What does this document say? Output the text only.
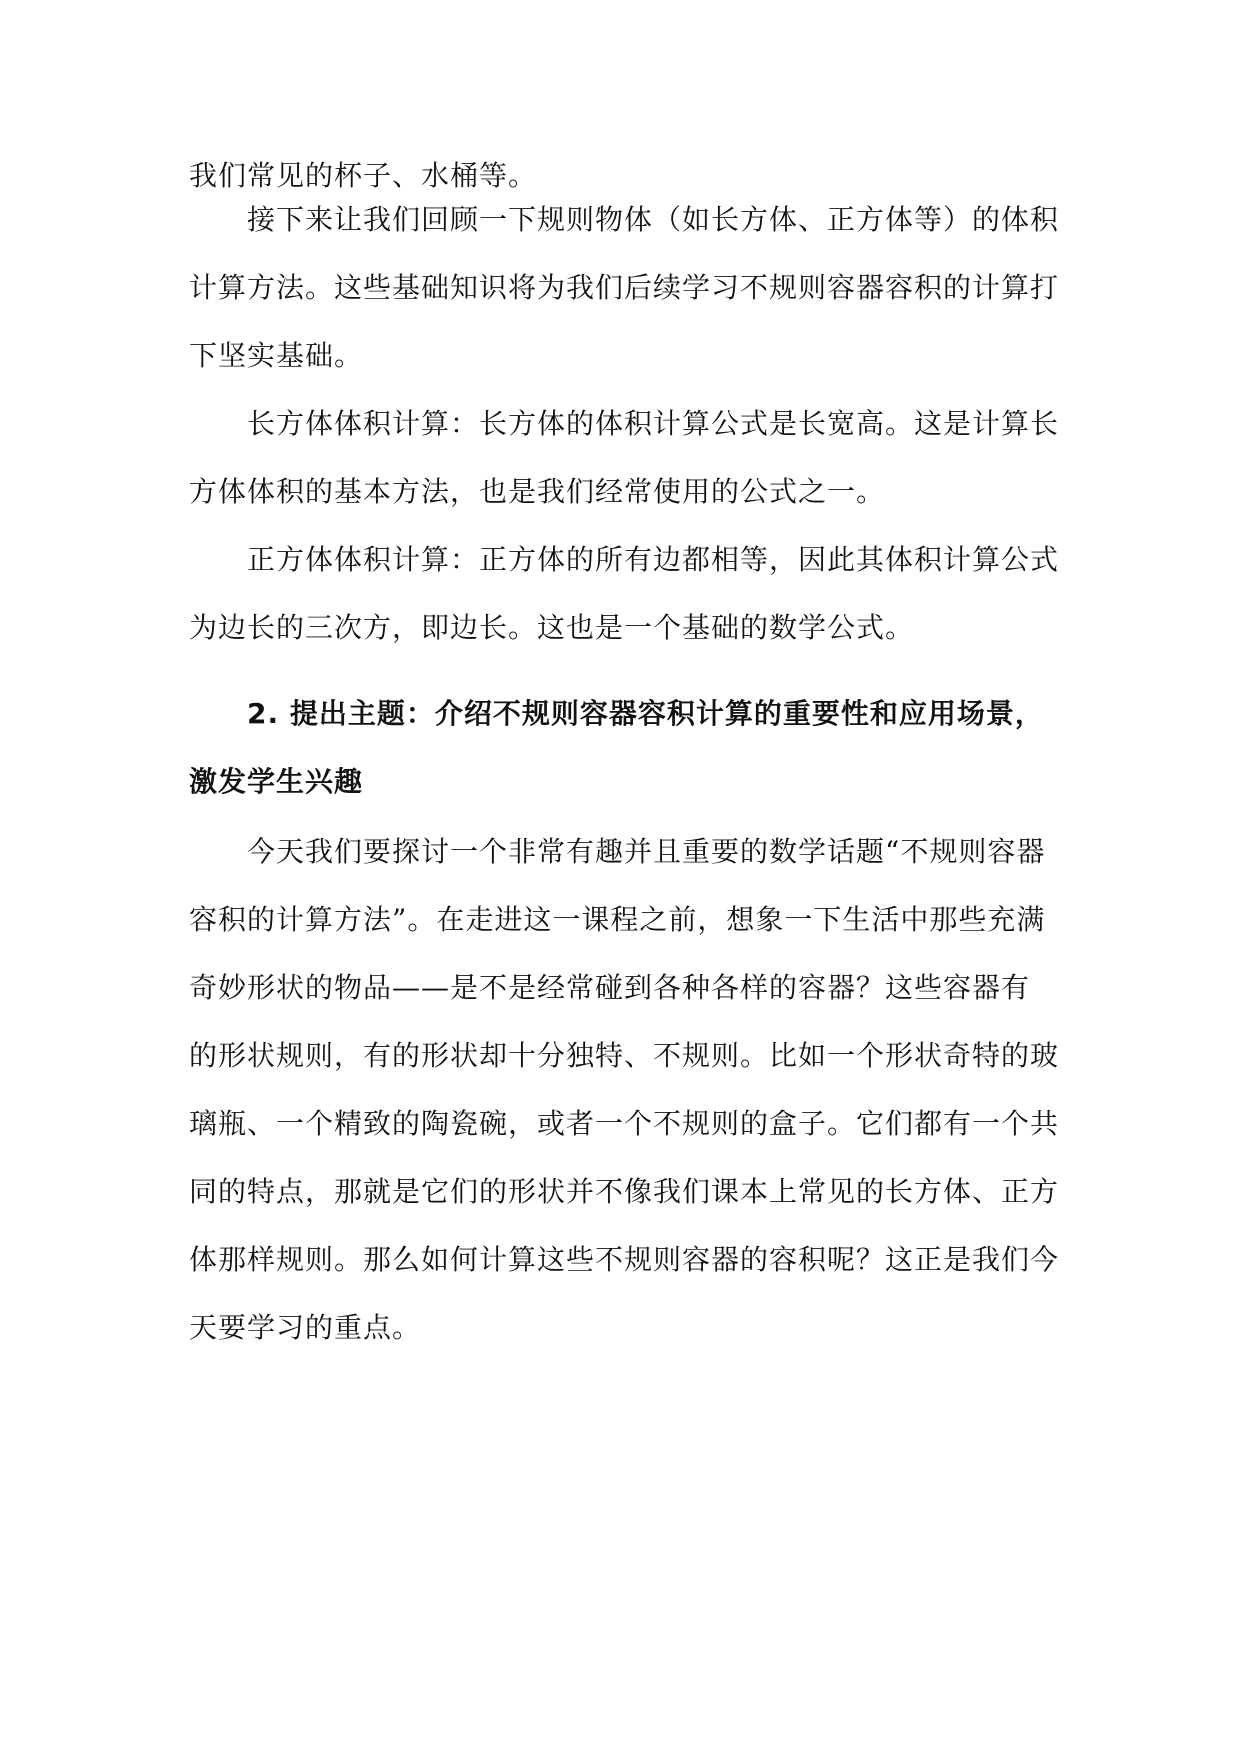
我们常见的杯子、水桶等。
接下来让我们回顾一下规则物体（如长方体、正方体等）的体积
计算方法。这些基础知识将为我们后续学习不规则容器容积的计算打
下坚实基础。
长方体体积计算：长方体的体积计算公式是长宽高。这是计算长
方体体积的基本方法，也是我们经常使用的公式之一。
正方体体积计算：正方体的所有边都相等，因此其体积计算公式
为边长的三次方，即边长。这也是一个基础的数学公式。
2. 提出主题：介绍不规则容器容积计算的重要性和应用场景，
激发学生兴趣
今天我们要探讨一个非常有趣并且重要的数学话题“不规则容器
容积的计算方法”。在走进这一课程之前，想象一下生活中那些充满
奇妙形状的物品——是不是经常碰到各种各样的容器？这些容器有
的形状规则，有的形状却十分独特、不规则。比如一个形状奇特的玻
璃瓶、一个精致的陶瓷碗，或者一个不规则的盒子。它们都有一个共
同的特点，那就是它们的形状并不像我们课本上常见的长方体、正方
体那样规则。那么如何计算这些不规则容器的容积呢？这正是我们今
天要学习的重点。
